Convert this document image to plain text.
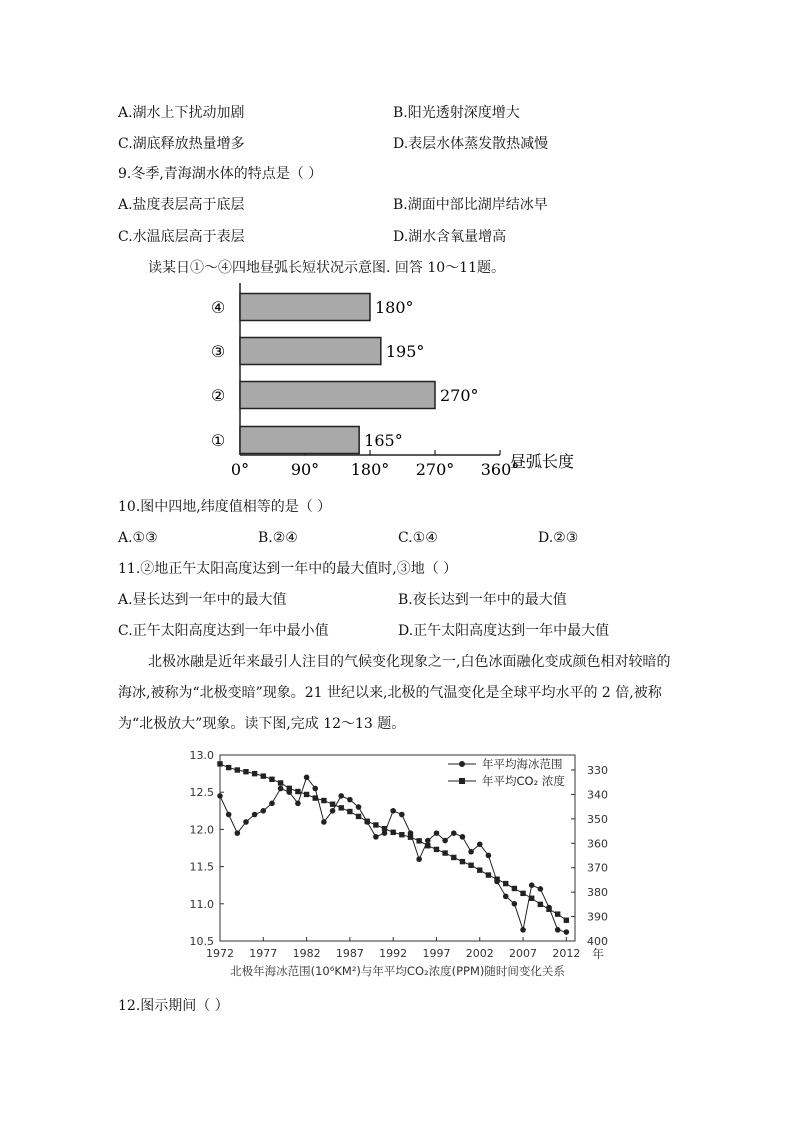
A.湖水上下扰动加剧	B.阳光透射深度增大
C.湖底释放热量增多	D.表层水体蒸发散热减慢
9.冬季,青海湖水体的特点是（ ）
A.盐度表层高于底层	B.湖面中部比湖岸结冰早
C.水温底层高于表层	D.湖水含氧量增高
读某日①～④四地昼弧长短状况示意图. 回答 10～11题。
0°	90° 180° 270° 360°
昼弧长度
④	180°
③	195°
②	270°
①	165°
10.图中四地,纬度值相等的是（ ）
A.①③	B.②④	C.①④	D.②③
11.②地正午太阳高度达到一年中的最大值时,③地（ ）
A.昼长达到一年中的最大值	B.夜长达到一年中的最大值
C.正午太阳高度达到一年中最小值	D.正午太阳高度达到一年中最大值
北极冰融是近年来最引人注目的气候变化现象之一,白色冰面融化变成颜色相对较暗的
海冰,被称为“北极变暗”现象。21 世纪以来,北极的气温变化是全球平均水平的 2 倍,被称
为“北极放大”现象。读下图,完成 12～13 题。
13.0
12.5
12.0
11.5
11.0
10.5
330
340
350
360
370
380
390
400
1972 1977 1982 1987 1992 1997 2002 2007 2012 年
北极年海冰范围(10⁶KM²)与年平均CO₂浓度(PPM)随时间变化关系
年平均海冰范围
年平均CO₂ 浓度
12.图示期间（ ）
